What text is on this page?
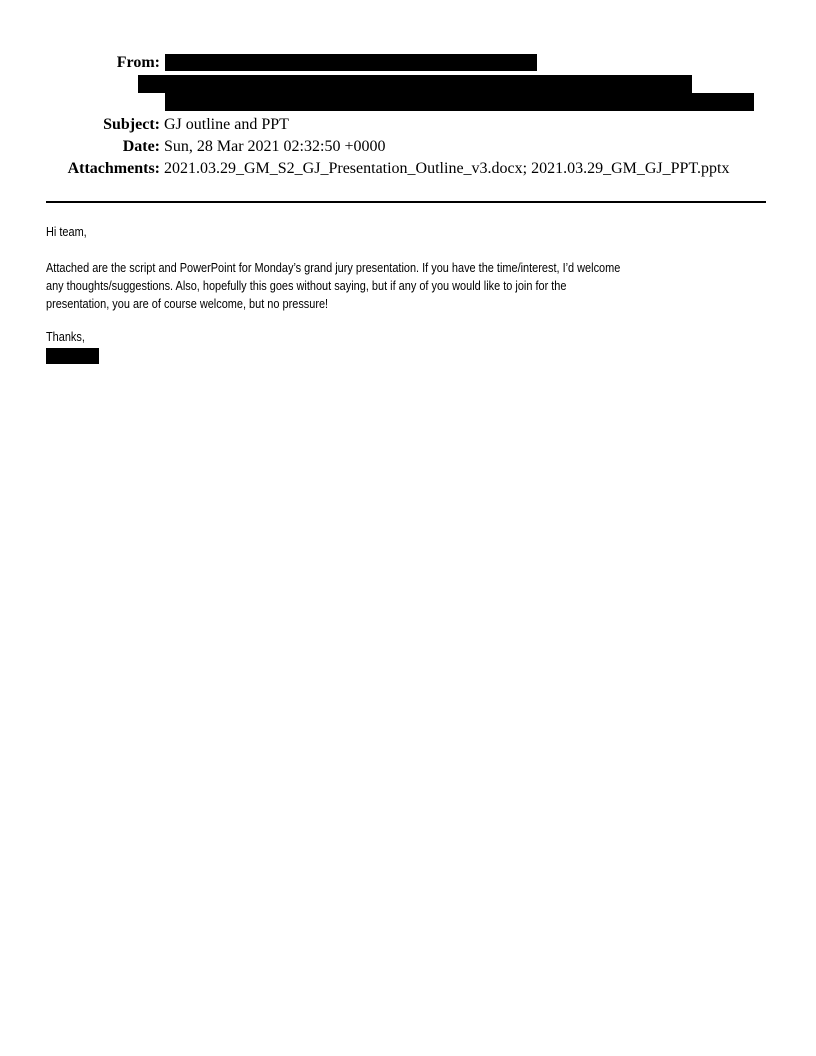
From:
Subject: GJ outline and PPT
Date: Sun, 28 Mar 2021 02:32:50 +0000
Attachments: 2021.03.29_GM_S2_GJ_Presentation_Outline_v3.docx; 2021.03.29_GM_GJ_PPT.pptx
Hi team,
Attached are the script and PowerPoint for Monday’s grand jury presentation. If you have the time/interest, I’d welcome
any thoughts/suggestions. Also, hopefully this goes without saying, but if any of you would like to join for the
presentation, you are of course welcome, but no pressure!
Thanks,
